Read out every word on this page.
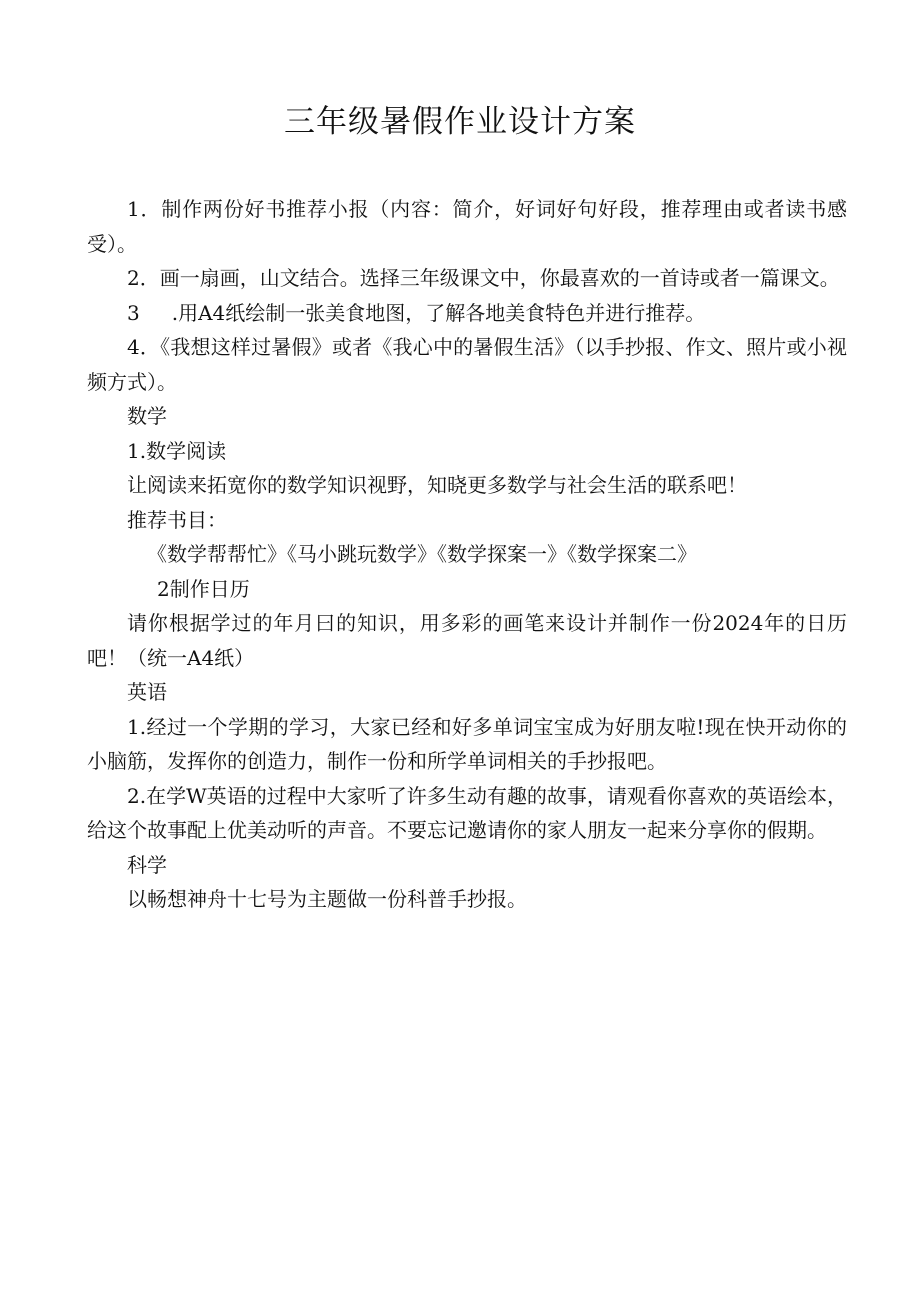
三年级暑假作业设计方案

1．制作两份好书推荐小报（内容：简介，好词好句好段，推荐理由或者读书感受）。

2．画一扇画，山文结合。选择三年级课文中，你最喜欢的一首诗或者一篇课文。

3 .用A4纸绘制一张美食地图，了解各地美食特色并进行推荐。

4．《我想这样过暑假》或者《我心中的暑假生活》（以手抄报、作文、照片或小视频方式）。

数学

1.数学阅读

让阅读来拓宽你的数学知识视野，知晓更多数学与社会生活的联系吧！

推荐书目：

《数学帮帮忙》《马小跳玩数学》《数学探案一》《数学探案二》

2制作日历

请你根据学过的年月曰的知识，用多彩的画笔来设计并制作一份2024年的日历吧！（统一A4纸）

英语

1.经过一个学期的学习，大家已经和好多单词宝宝成为好朋友啦!现在快开动你的小脑筋，发挥你的创造力，制作一份和所学单词相关的手抄报吧。

2.在学W英语的过程中大家听了许多生动有趣的故事，请观看你喜欢的英语绘本，给这个故事配上优美动听的声音。不要忘记邀请你的家人朋友一起来分享你的假期。

科学

以畅想神舟十七号为主题做一份科普手抄报。
